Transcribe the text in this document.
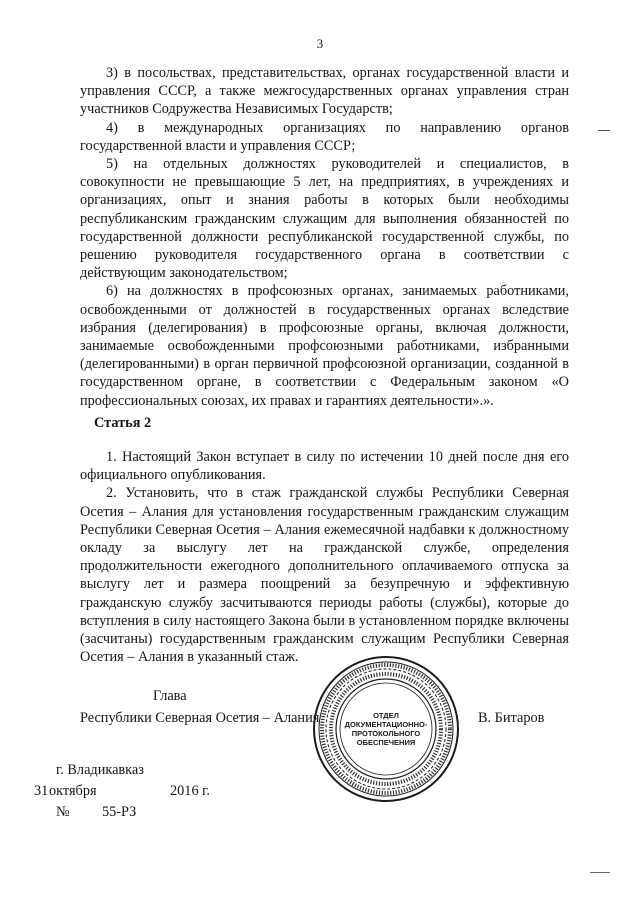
3

3) в посольствах, представительствах, органах государственной власти и управления СССР, а также межгосударственных органах управления стран участников Содружества Независимых Государств;

4) в международных организациях по направлению органов государственной власти и управления СССР;

5) на отдельных должностях руководителей и специалистов, в совокупности не превышающие 5 лет, на предприятиях, в учреждениях и организациях, опыт и знания работы в которых были необходимы республиканским гражданским служащим для выполнения обязанностей по государственной должности республиканской государственной службы, по решению руководителя государственного органа в соответствии с действующим законодательством;

6) на должностях в профсоюзных органах, занимаемых работниками, освобожденными от должностей в государственных органах вследствие избрания (делегирования) в профсоюзные органы, включая должности, занимаемые освобожденными профсоюзными работниками, избранными (делегированными) в орган первичной профсоюзной организации, созданной в государственном органе, в соответствии с Федеральным законом «О профессиональных союзах, их правах и гарантиях деятельности».».

Статья 2

1. Настоящий Закон вступает в силу по истечении 10 дней после дня его официального опубликования.

2. Установить, что в стаж гражданской службы Республики Северная Осетия – Алания для установления государственным гражданским служащим Республики Северная Осетия – Алания ежемесячной надбавки к должностному окладу за выслугу лет на гражданской службе, определения продолжительности ежегодного дополнительного оплачиваемого отпуска за выслугу лет и размера поощрений за безупречную и эффективную гражданскую службу засчитываются периоды работы (службы), которые до вступления в силу настоящего Закона были в установленном порядке включены (засчитаны) государственным гражданским служащим Республики Северная Осетия – Алания в указанный стаж.

Глава
Республики Северная Осетия – Алания	В. Битаров
ОТДЕЛ
ДОКУМЕНТАЦИОННО-
ПРОТОКОЛЬНОГО
ОБЕСПЕЧЕНИЯ
г. Владикавказ
31 октября	2016 г.
№ 55-РЗ
